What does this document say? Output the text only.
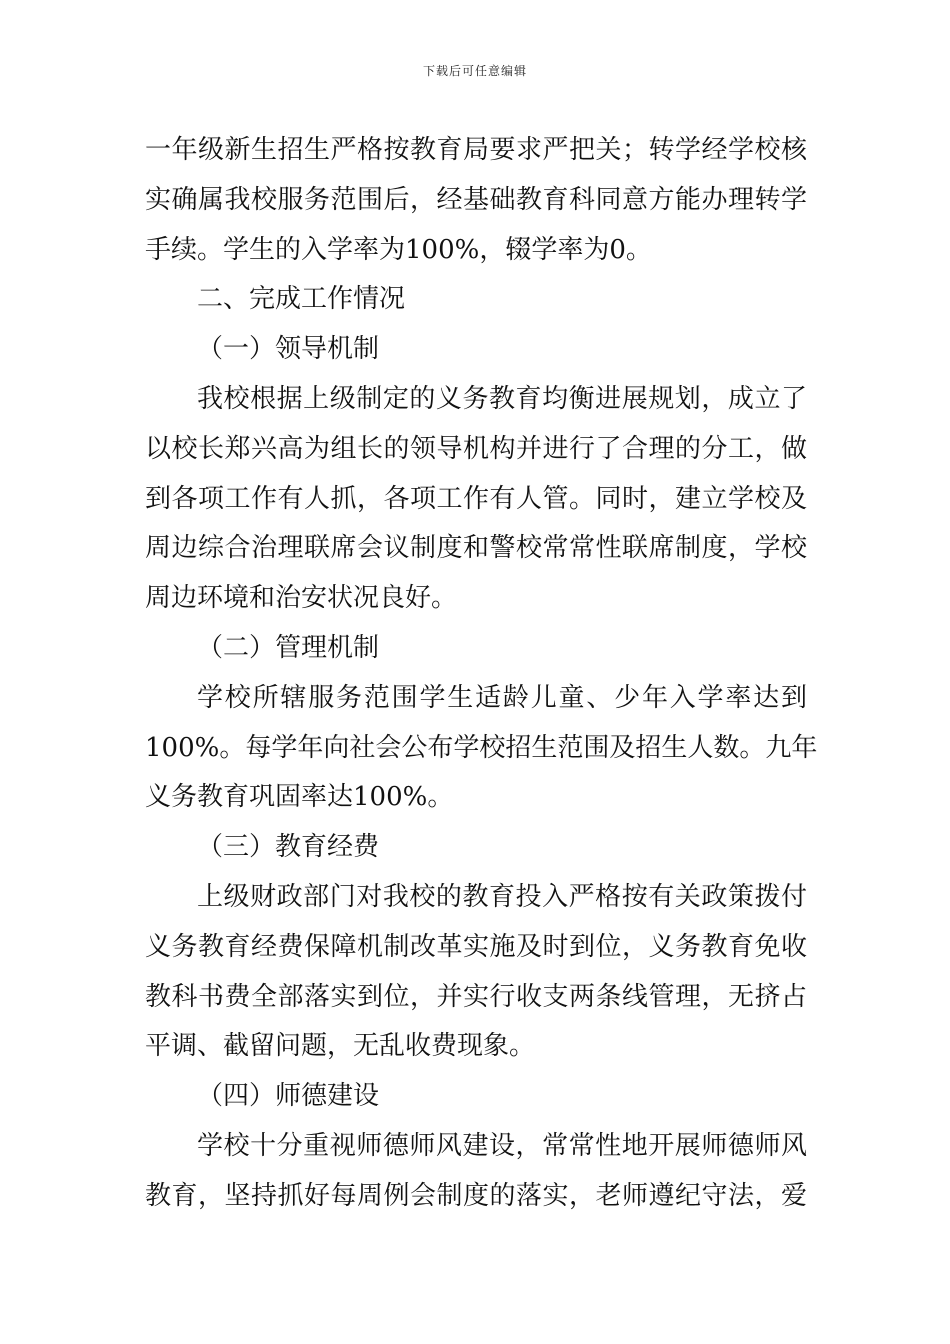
下载后可任意编辑
一年级新生招生严格按教育局要求严把关；转学经学校核
实确属我校服务范围后，经基础教育科同意方能办理转学
手续。学生的入学率为100%，辍学率为0。
二、完成工作情况
（一）领导机制
我校根据上级制定的义务教育均衡进展规划，成立了
以校长郑兴高为组长的领导机构并进行了合理的分工，做
到各项工作有人抓，各项工作有人管。同时，建立学校及
周边综合治理联席会议制度和警校常常性联席制度，学校
周边环境和治安状况良好。
（二）管理机制
学校所辖服务范围学生适龄儿童、少年入学率达到
100%。每学年向社会公布学校招生范围及招生人数。九年
义务教育巩固率达100%。
（三）教育经费
上级财政部门对我校的教育投入严格按有关政策拨付
义务教育经费保障机制改革实施及时到位，义务教育免收
教科书费全部落实到位，并实行收支两条线管理，无挤占
平调、截留问题，无乱收费现象。
（四）师德建设
学校十分重视师德师风建设，常常性地开展师德师风
教育，坚持抓好每周例会制度的落实，老师遵纪守法，爱
